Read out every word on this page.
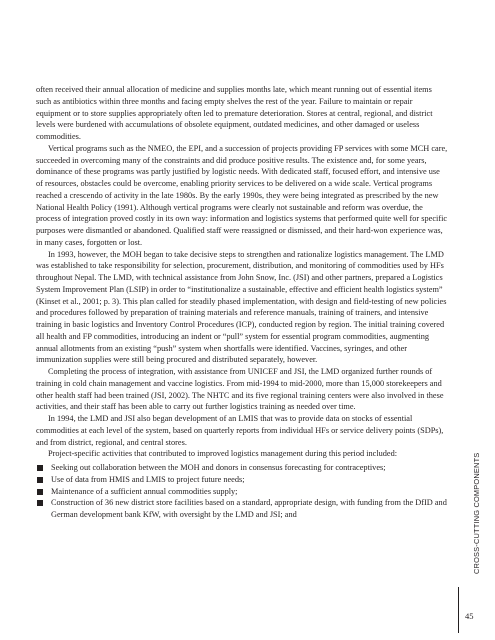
often received their annual allocation of medicine and supplies months late, which meant running out of essential items such as antibiotics within three months and facing empty shelves the rest of the year. Failure to maintain or repair equipment or to store supplies appropriately often led to premature deterioration. Stores at central, regional, and district levels were burdened with accumulations of obsolete equipment, outdated medicines, and other damaged or useless commodities.

Vertical programs such as the NMEO, the EPI, and a succession of projects providing FP services with some MCH care, succeeded in overcoming many of the constraints and did produce positive results. The existence and, for some years, dominance of these programs was partly justified by logistic needs. With dedicated staff, focused effort, and intensive use of resources, obstacles could be overcome, enabling priority services to be delivered on a wide scale. Vertical programs reached a crescendo of activity in the late 1980s. By the early 1990s, they were being integrated as prescribed by the new National Health Policy (1991). Although vertical programs were clearly not sustainable and reform was overdue, the process of integration proved costly in its own way: information and logistics systems that performed quite well for specific purposes were dismantled or abandoned. Qualified staff were reassigned or dismissed, and their hard-won experience was, in many cases, forgotten or lost.

In 1993, however, the MOH began to take decisive steps to strengthen and rationalize logistics management. The LMD was established to take responsibility for selection, procurement, distribution, and monitoring of commodities used by HFs throughout Nepal. The LMD, with technical assistance from John Snow, Inc. (JSI) and other partners, prepared a Logistics System Improvement Plan (LSIP) in order to “institutionalize a sustainable, effective and efficient health logistics system” (Kinset et al., 2001; p. 3). This plan called for steadily phased implementation, with design and field-testing of new policies and procedures followed by preparation of training materials and reference manuals, training of trainers, and intensive training in basic logistics and Inventory Control Procedures (ICP), conducted region by region. The initial training covered all health and FP commodities, introducing an indent or “pull” system for essential program commodities, augmenting annual allotments from an existing “push” system when shortfalls were identified. Vaccines, syringes, and other immunization supplies were still being procured and distributed separately, however.

Completing the process of integration, with assistance from UNICEF and JSI, the LMD organized further rounds of training in cold chain management and vaccine logistics. From mid-1994 to mid-2000, more than 15,000 storekeepers and other health staff had been trained (JSI, 2002). The NHTC and its five regional training centers were also involved in these activities, and their staff has been able to carry out further logistics training as needed over time.

In 1994, the LMD and JSI also began development of an LMIS that was to provide data on stocks of essential commodities at each level of the system, based on quarterly reports from individual HFs or service delivery points (SDPs), and from district, regional, and central stores.

Project-specific activities that contributed to improved logistics management during this period included:

Seeking out collaboration between the MOH and donors in consensus forecasting for contraceptives;
Use of data from HMIS and LMIS to project future needs;
Maintenance of a sufficient annual commodities supply;
Construction of 36 new district store facilities based on a standard, appropriate design, with funding from the DfID and German development bank KfW, with oversight by the LMD and JSI; and	CROSS-CUTTING COMPONENTS
45
